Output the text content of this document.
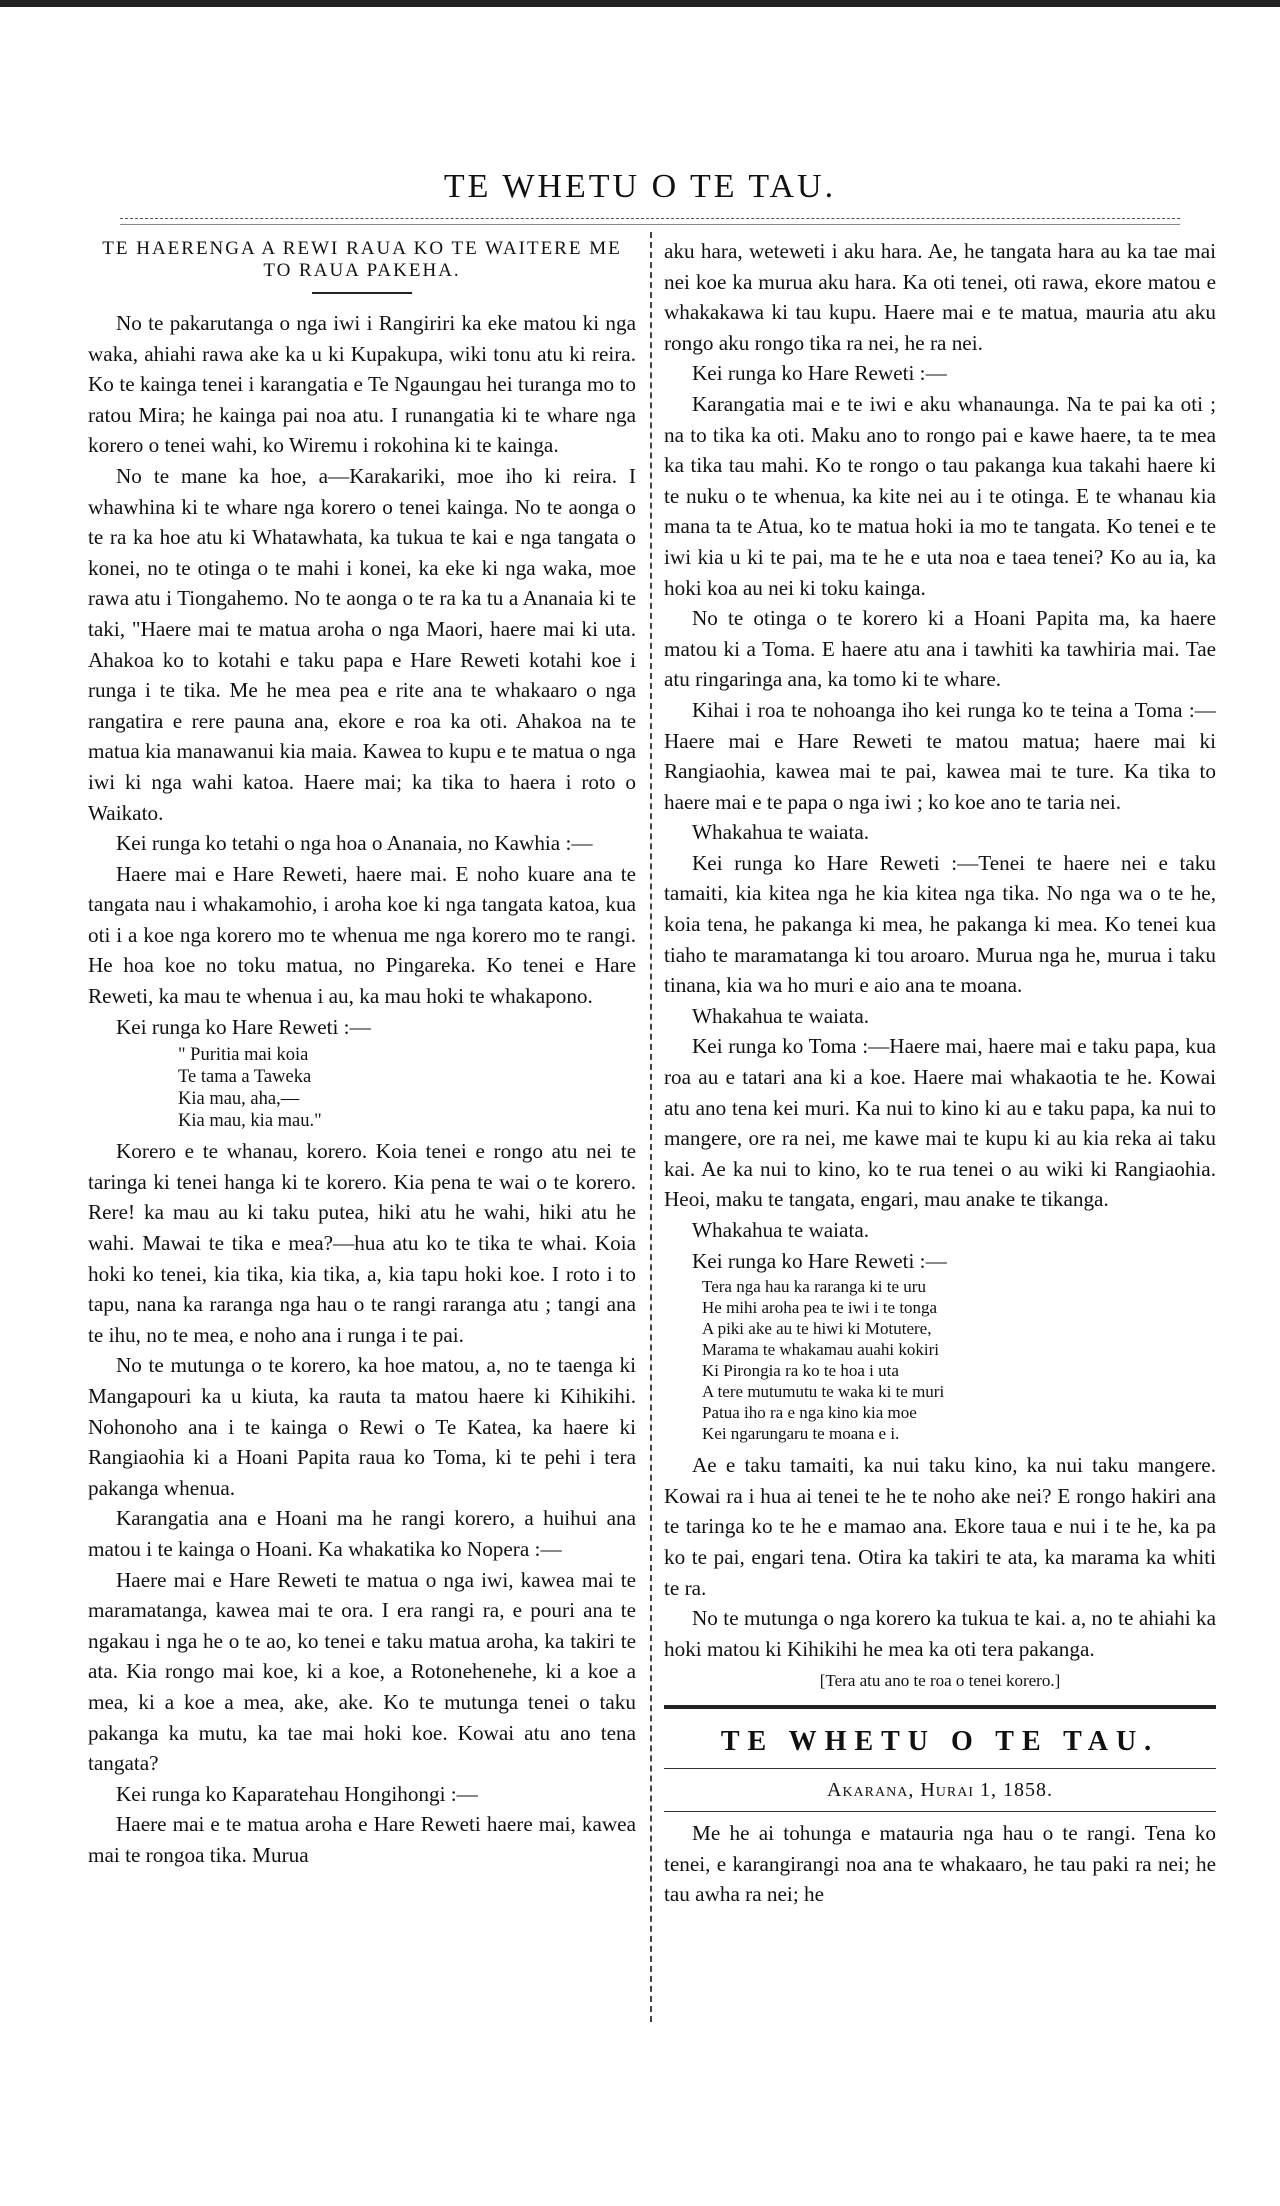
TE WHETU O TE TAU.
TE HAERENGA A REWI RAUA KO TE WAITERE ME TO RAUA PAKEHA.

No te pakarutanga o nga iwi i Rangiriri ka eke matou ki nga waka, ahiahi rawa ake ka u ki Kupakupa, wiki tonu atu ki reira. Ko te kainga tenei i karangatia e Te Ngaungau hei turanga mo to ratou Mira; he kainga pai noa atu. I runangatia ki te whare nga korero o tenei wahi, ko Wiremu i rokohina ki te kainga.

No te mane ka hoe, a—Karakariki, moe iho ki reira. I whawhina ki te whare nga korero o tenei kainga. No te aonga o te ra ka hoe atu ki Whatawhata, ka tukua te kai e nga tangata o konei, no te otinga o te mahi i konei, ka eke ki nga waka, moe rawa atu i Tiongahemo. No te aonga o te ra ka tu a Ananaia ki te taki, "Haere mai te matua aroha o nga Maori, haere mai ki uta. Ahakoa ko to kotahi e taku papa e Hare Reweti kotahi koe i runga i te tika. Me he mea pea e rite ana te whakaaro o nga rangatira e rere pauna ana, ekore e roa ka oti. Ahakoa na te matua kia manawanui kia maia. Kawea to kupu e te matua o nga iwi ki nga wahi katoa. Haere mai; ka tika to haera i roto o Waikato.

Kei runga ko tetahi o nga hoa o Ananaia, no Kawhia :—

Haere mai e Hare Reweti, haere mai. E noho kuare ana te tangata nau i whakamohio, i aroha koe ki nga tangata katoa, kua oti i a koe nga korero mo te whenua me nga korero mo te rangi. He hoa koe no toku matua, no Pingareka. Ko tenei e Hare Reweti, ka mau te whenua i au, ka mau hoki te whakapono.

Kei runga ko Hare Reweti :—

" Puritia mai koia
Te tama a Taweka
Kia mau, aha,—
Kia mau, kia mau."

Korero e te whanau, korero. Koia tenei e rongo atu nei te taringa ki tenei hanga ki te korero. Kia pena te wai o te korero. Rere! ka mau au ki taku putea, hiki atu he wahi, hiki atu he wahi. Mawai te tika e mea?—hua atu ko te tika te whai. Koia hoki ko tenei, kia tika, kia tika, a, kia tapu hoki koe. I roto i to tapu, nana ka raranga nga hau o te rangi raranga atu ; tangi ana te ihu, no te mea, e noho ana i runga i te pai.

No te mutunga o te korero, ka hoe matou, a, no te taenga ki Mangapouri ka u kiuta, ka rauta ta matou haere ki Kihikihi. Nohonoho ana i te kainga o Rewi o Te Katea, ka haere ki Rangiaohia ki a Hoani Papita raua ko Toma, ki te pehi i tera pakanga whenua.

Karangatia ana e Hoani ma he rangi korero, a huihui ana matou i te kainga o Hoani. Ka whakatika ko Nopera :—

Haere mai e Hare Reweti te matua o nga iwi, kawea mai te maramatanga, kawea mai te ora. I era rangi ra, e pouri ana te ngakau i nga he o te ao, ko tenei e taku matua aroha, ka takiri te ata. Kia rongo mai koe, ki a koe, a Rotonehenehe, ki a koe a mea, ki a koe a mea, ake, ake. Ko te mutunga tenei o taku pakanga ka mutu, ka tae mai hoki koe. Kowai atu ano tena tangata?

Kei runga ko Kaparatehau Hongihongi :—

Haere mai e te matua aroha e Hare Reweti haere mai, kawea mai te rongoa tika. Murua

aku hara, weteweti i aku hara. Ae, he tangata hara au ka tae mai nei koe ka murua aku hara. Ka oti tenei, oti rawa, ekore matou e whakakawa ki tau kupu. Haere mai e te matua, mauria atu aku rongo aku rongo tika ra nei, he ra nei.

Kei runga ko Hare Reweti :—

Karangatia mai e te iwi e aku whanaunga. Na te pai ka oti ; na to tika ka oti. Maku ano to rongo pai e kawe haere, ta te mea ka tika tau mahi. Ko te rongo o tau pakanga kua takahi haere ki te nuku o te whenua, ka kite nei au i te otinga. E te whanau kia mana ta te Atua, ko te matua hoki ia mo te tangata. Ko tenei e te iwi kia u ki te pai, ma te he e uta noa e taea tenei? Ko au ia, ka hoki koa au nei ki toku kainga.

No te otinga o te korero ki a Hoani Papita ma, ka haere matou ki a Toma. E haere atu ana i tawhiti ka tawhiria mai. Tae atu ringaringa ana, ka tomo ki te whare.

Kihai i roa te nohoanga iho kei runga ko te teina a Toma :—Haere mai e Hare Reweti te matou matua; haere mai ki Rangiaohia, kawea mai te pai, kawea mai te ture. Ka tika to haere mai e te papa o nga iwi ; ko koe ano te taria nei.

Whakahua te waiata.

Kei runga ko Hare Reweti :—Tenei te haere nei e taku tamaiti, kia kitea nga he kia kitea nga tika. No nga wa o te he, koia tena, he pakanga ki mea, he pakanga ki mea. Ko tenei kua tiaho te maramatanga ki tou aroaro. Murua nga he, murua i taku tinana, kia wa ho muri e aio ana te moana.

Whakahua te waiata.

Kei runga ko Toma :—Haere mai, haere mai e taku papa, kua roa au e tatari ana ki a koe. Haere mai whakaotia te he. Kowai atu ano tena kei muri. Ka nui to kino ki au e taku papa, ka nui to mangere, ore ra nei, me kawe mai te kupu ki au kia reka ai taku kai. Ae ka nui to kino, ko te rua tenei o au wiki ki Rangiaohia. Heoi, maku te tangata, engari, mau anake te tikanga.

Whakahua te waiata.

Kei runga ko Hare Reweti :—

Tera nga hau ka raranga ki te uru
He mihi aroha pea te iwi i te tonga
A piki ake au te hiwi ki Motutere,
Marama te whakamau auahi kokiri
Ki Pirongia ra ko te hoa i uta
A tere mutumutu te waka ki te muri
Patua iho ra e nga kino kia moe
Kei ngarungaru te moana e i.

Ae e taku tamaiti, ka nui taku kino, ka nui taku mangere. Kowai ra i hua ai tenei te he te noho ake nei? E rongo hakiri ana te taringa ko te he e mamao ana. Ekore taua e nui i te he, ka pa ko te pai, engari tena. Otira ka takiri te ata, ka marama ka whiti te ra.

No te mutunga o nga korero ka tukua te kai. a, no te ahiahi ka hoki matou ki Kihikihi he mea ka oti tera pakanga.

[Tera atu ano te roa o tenei korero.]
TE WHETU O TE TAU.
Akarana, Hurai 1, 1858.

Me he ai tohunga e matauria nga hau o te rangi. Tena ko tenei, e karangirangi noa ana te whakaaro, he tau paki ra nei; he tau awha ra nei; he
